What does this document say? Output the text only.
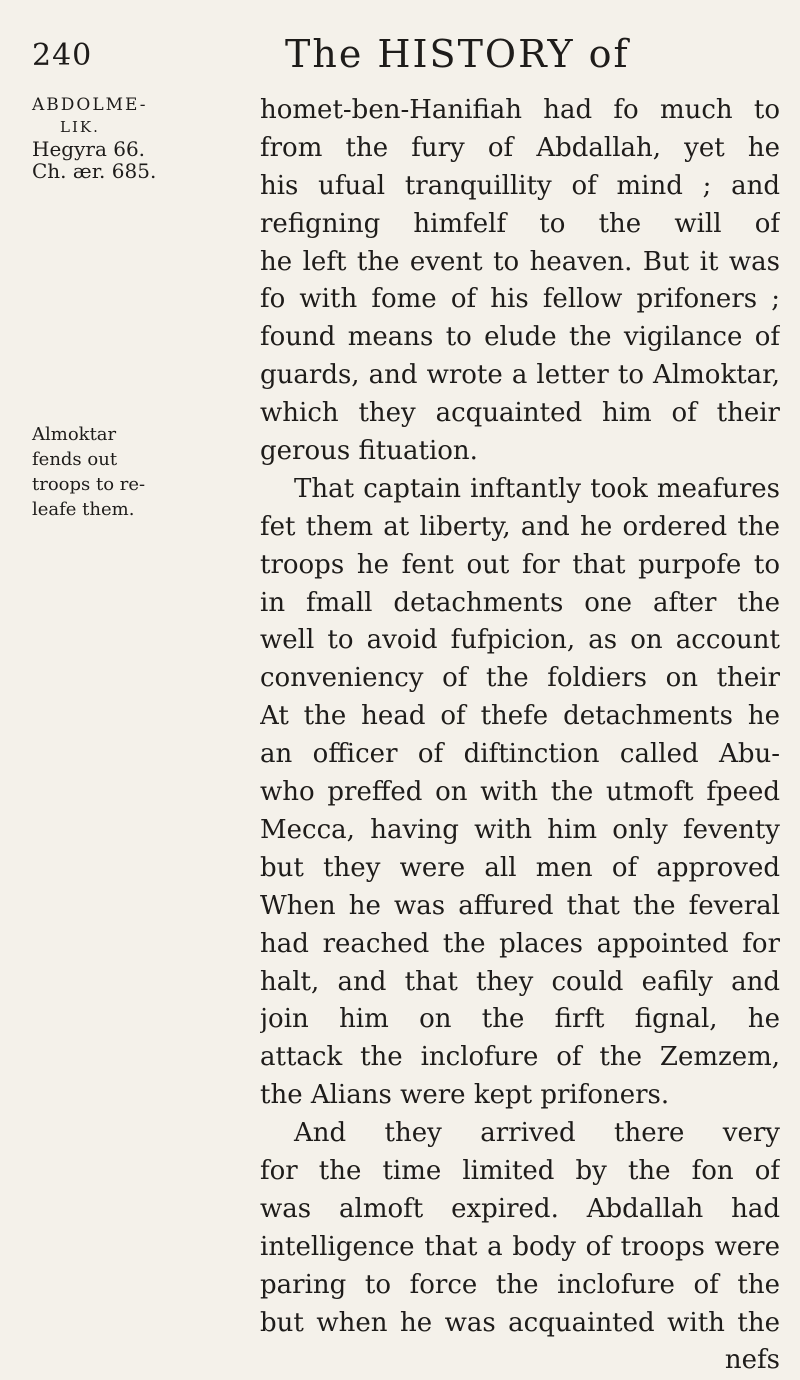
240	The HISTORY of
ABDOLME-
LIK.
Hegyra 66.
Ch. ær. 685.
Almoktar
fends out
troops to re-
leafe them.
homet-ben-Hanifiah had fo much to
from the fury of Abdallah, yet he
his ufual tranquillity of mind ; and
refigning himfelf to the will of
he left the event to heaven. But it was
fo with fome of his fellow prifoners ;
found means to elude the vigilance of
guards, and wrote a letter to Almoktar,
which they acquainted him of their
gerous fituation.
That captain inftantly took meafures
fet them at liberty, and he ordered the
troops he fent out for that purpofe to
in fmall detachments one after the
well to avoid fufpicion, as on account
conveniency of the foldiers on their
At the head of thefe detachments he
an officer of diftinction called Abu-
who preffed on with the utmoft fpeed
Mecca, having with him only feventy
but they were all men of approved
When he was affured that the feveral
had reached the places appointed for
halt, and that they could eafily and
join him on the firft fignal, he
attack the inclofure of the Zemzem,
the Alians were kept prifoners.
And they arrived there very
for the time limited by the fon of
was almoft expired. Abdallah had
intelligence that a body of troops were
paring to force the inclofure of the
but when he was acquainted with the
nefs
